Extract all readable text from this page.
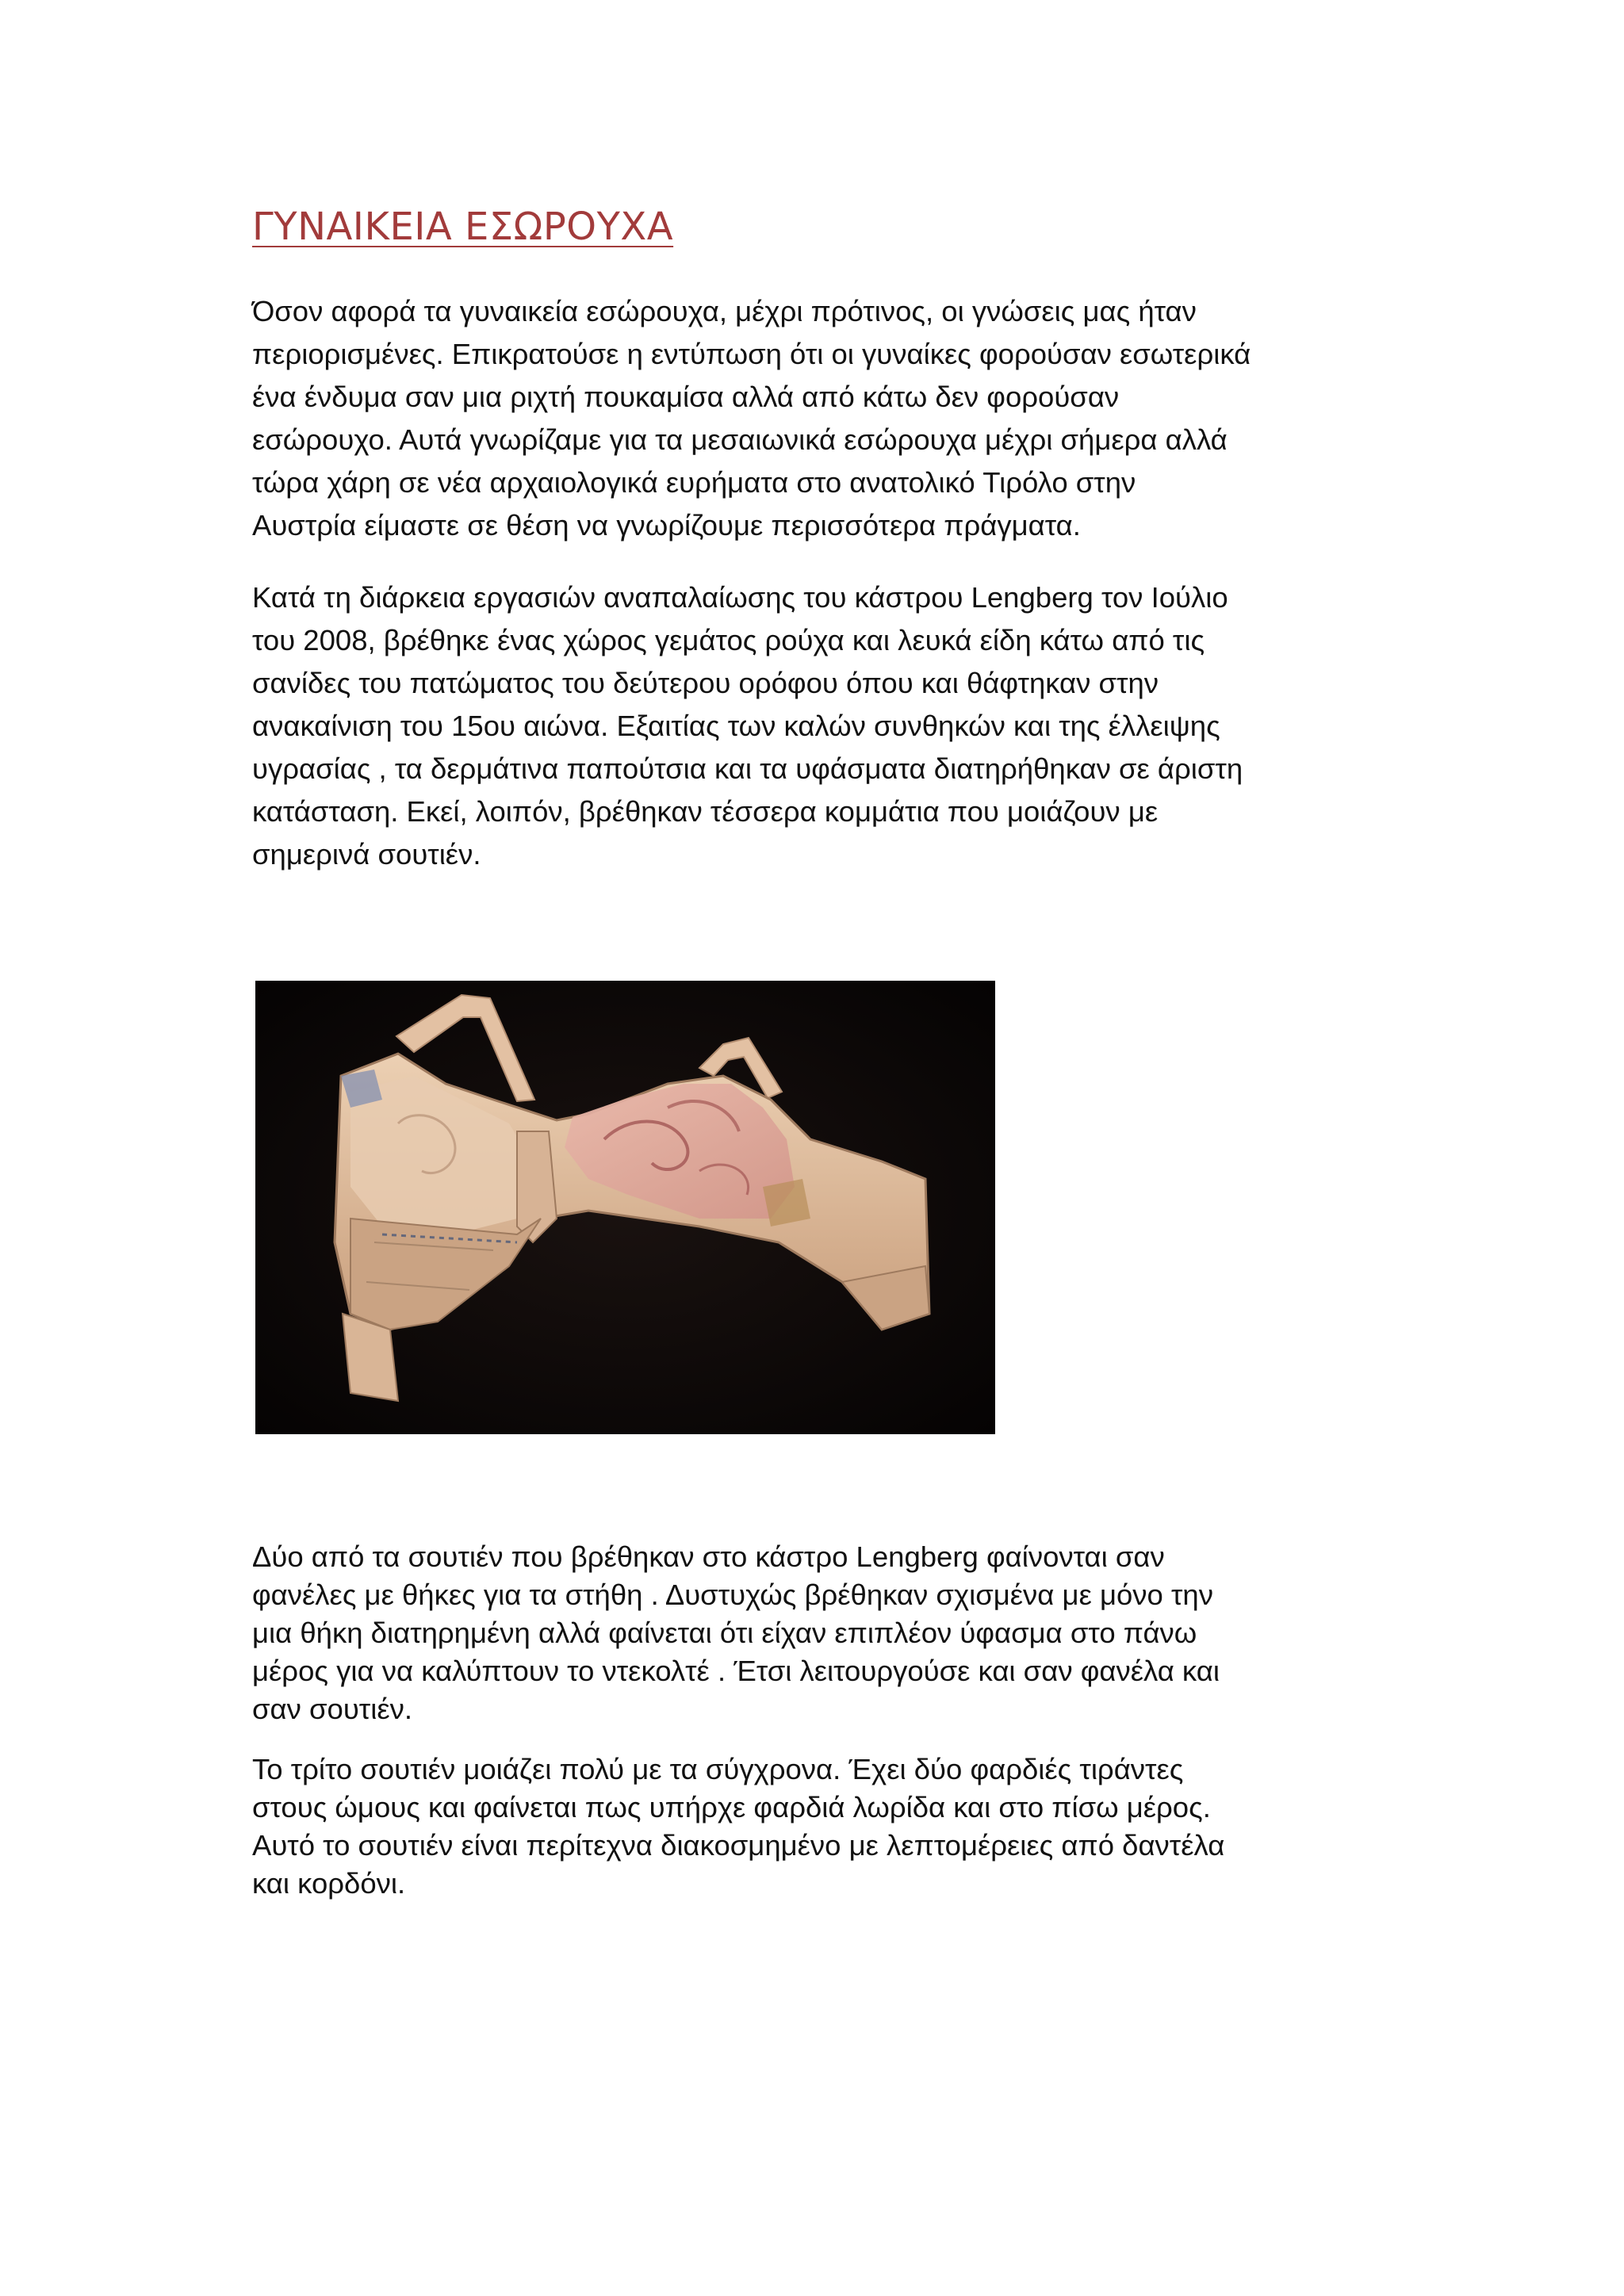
ΓΥΝΑΙΚΕΙΑ ΕΣΩΡΟΥΧΑ

Όσον αφορά τα γυναικεία εσώρουχα, μέχρι πρότινος, οι γνώσεις μας ήταν
περιορισμένες. Επικρατούσε η εντύπωση ότι οι γυναίκες φορούσαν εσωτερικά
ένα ένδυμα σαν μια ριχτή πουκαμίσα αλλά από κάτω δεν φορούσαν
εσώρουχο. Αυτά γνωρίζαμε για τα μεσαιωνικά εσώρουχα μέχρι σήμερα αλλά
τώρα χάρη σε νέα αρχαιολογικά ευρήματα στο ανατολικό Τιρόλο στην
Αυστρία είμαστε σε θέση να γνωρίζουμε περισσότερα πράγματα.

Κατά τη διάρκεια εργασιών αναπαλαίωσης του κάστρου Lengberg τον Ιούλιο
του 2008, βρέθηκε ένας χώρος γεμάτος ρούχα και λευκά είδη κάτω από τις
σανίδες του πατώματος του δεύτερου ορόφου όπου και θάφτηκαν στην
ανακαίνιση του 15ου αιώνα. Εξαιτίας των καλών συνθηκών και της έλλειψης
υγρασίας , τα δερμάτινα παπούτσια και τα υφάσματα διατηρήθηκαν σε άριστη
κατάσταση. Εκεί, λοιπόν, βρέθηκαν τέσσερα κομμάτια που μοιάζουν με
σημερινά σουτιέν.

Δύο από τα σουτιέν που βρέθηκαν στο κάστρο Lengberg φαίνονται σαν
φανέλες με θήκες για τα στήθη . Δυστυχώς βρέθηκαν σχισμένα με μόνο την
μια θήκη διατηρημένη αλλά φαίνεται ότι είχαν επιπλέον ύφασμα στο πάνω
μέρος για να καλύπτουν το ντεκολτέ . Έτσι λειτουργούσε και σαν φανέλα και
σαν σουτιέν.

Το τρίτο σουτιέν μοιάζει πολύ με τα σύγχρονα. Έχει δύο φαρδιές τιράντες
στους ώμους και φαίνεται πως υπήρχε φαρδιά λωρίδα και στο πίσω μέρος.
Αυτό το σουτιέν είναι περίτεχνα διακοσμημένο με λεπτομέρειες από δαντέλα
και κορδόνι.
